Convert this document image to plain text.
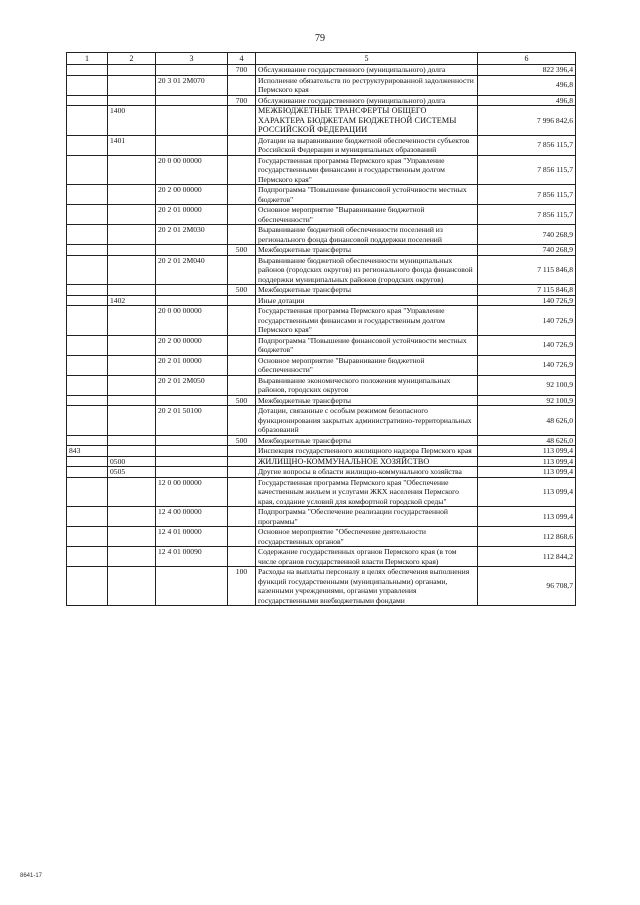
79
1	2	3	4	5	6
			700	Обслуживание государственного (муниципального) долга	822 396,4
		20 3 01 2М070		Исполнение обязательств по реструктурированной задолженности Пермского края	496,8
			700	Обслуживание государственного (муниципального) долга	496,8
	1400			МЕЖБЮДЖЕТНЫЕ ТРАНСФЕРТЫ ОБЩЕГО ХАРАКТЕРА БЮДЖЕТАМ БЮДЖЕТНОЙ СИСТЕМЫ РОССИЙСКОЙ ФЕДЕРАЦИИ	7 996 842,6
	1401			Дотации на выравнивание бюджетной обеспеченности субъектов Российской Федерации и муниципальных образований	7 856 115,7
		20 0 00 00000		Государственная программа Пермского края "Управление государственными финансами и государственным долгом Пермского края"	7 856 115,7
		20 2 00 00000		Подпрограмма "Повышение финансовой устойчивости местных бюджетов"	7 856 115,7
		20 2 01 00000		Основное мероприятие "Выравнивание бюджетной обеспеченности"	7 856 115,7
		20 2 01 2М030		Выравнивание бюджетной обеспеченности поселений из регионального фонда финансовой поддержки поселений	740 268,9
			500	Межбюджетные трансферты	740 268,9
		20 2 01 2М040		Выравнивание бюджетной обеспеченности муниципальных районов (городских округов) из регионального фонда финансовой поддержки муниципальных районов (городских округов)	7 115 846,8
			500	Межбюджетные трансферты	7 115 846,8
	1402			Иные дотации	140 726,9
		20 0 00 00000		Государственная программа Пермского края "Управление государственными финансами и государственным долгом Пермского края"	140 726,9
		20 2 00 00000		Подпрограмма "Повышение финансовой устойчивости местных бюджетов"	140 726,9
		20 2 01 00000		Основное мероприятие "Выравнивание бюджетной обеспеченности"	140 726,9
		20 2 01 2М050		Выравнивание экономического положения муниципальных районов, городских округов	92 100,9
			500	Межбюджетные трансферты	92 100,9
		20 2 01 50100		Дотации, связанные с особым режимом безопасного функционирования закрытых административно-территориальных образований	48 626,0
			500	Межбюджетные трансферты	48 626,0
843				Инспекция государственного жилищного надзора Пермского края	113 099,4
	0500			ЖИЛИЩНО-КОММУНАЛЬНОЕ ХОЗЯЙСТВО	113 099,4
	0505			Другие вопросы в области жилищно-коммунального хозяйства	113 099,4
		12 0 00 00000		Государственная программа Пермского края "Обеспечение качественным жильем и услугами ЖКХ населения Пермского края, создание условий для комфортной городской среды"	113 099,4
		12 4 00 00000		Подпрограмма "Обеспечение реализации государственной программы"	113 099,4
		12 4 01 00000		Основное мероприятие "Обеспечение деятельности государственных органов"	112 868,6
		12 4 01 00090		Содержание государственных органов Пермского края (в том числе органов государственной власти Пермского края)	112 844,2
			100	Расходы на выплаты персоналу в целях обеспечения выполнения функций государственными (муниципальными) органами, казенными учреждениями, органами управления государственными внебюджетными фондами	96 708,7
8641-17
